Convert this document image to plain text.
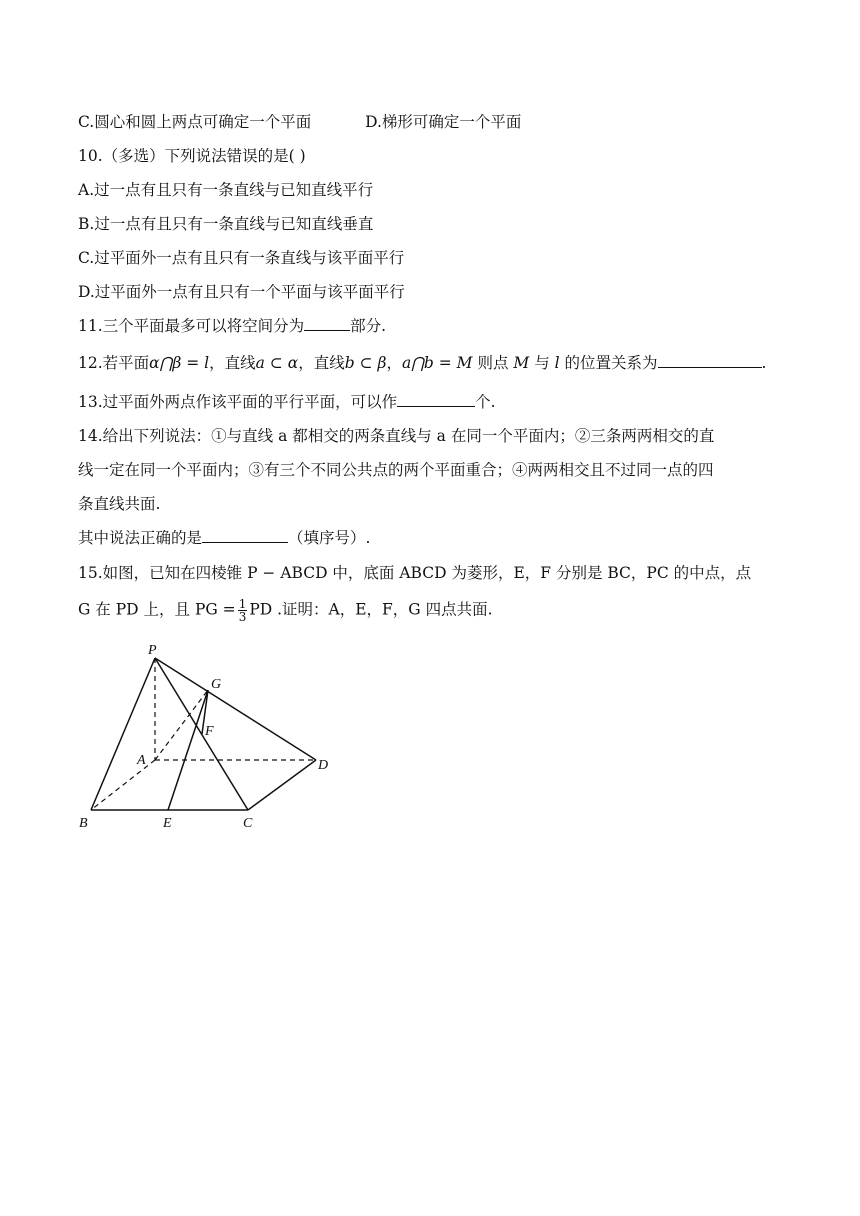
C.圆心和圆上两点可确定一个平面	D.梯形可确定一个平面
10.（多选）下列说法错误的是( )
A.过一点有且只有一条直线与已知直线平行
B.过一点有且只有一条直线与已知直线垂直
C.过平面外一点有且只有一条直线与该平面平行
D.过平面外一点有且只有一个平面与该平面平行
11.三个平面最多可以将空间分为	部分.
12.若平面α⋂β = l，直线a ⊂ α，直线b ⊂ β，a⋂b = M 则点 M 与 l 的位置关系为	.
13.过平面外两点作该平面的平行平面，可以作	个.
14.给出下列说法：①与直线 a 都相交的两条直线与 a 在同一个平面内；②三条两两相交的直
线一定在同一个平面内；③有三个不同公共点的两个平面重合；④两两相交且不过同一点的四
条直线共面.
其中说法正确的是	（填序号）.
15.如图，已知在四棱锥 P − ABCD 中，底面 ABCD 为菱形，E，F 分别是 BC，PC 的中点，点
G 在 PD 上，且 PG = $\frac{1}{3}$ PD .证明：A，E，F，G 四点共面.
P
G
F
A	D
B	E	C
